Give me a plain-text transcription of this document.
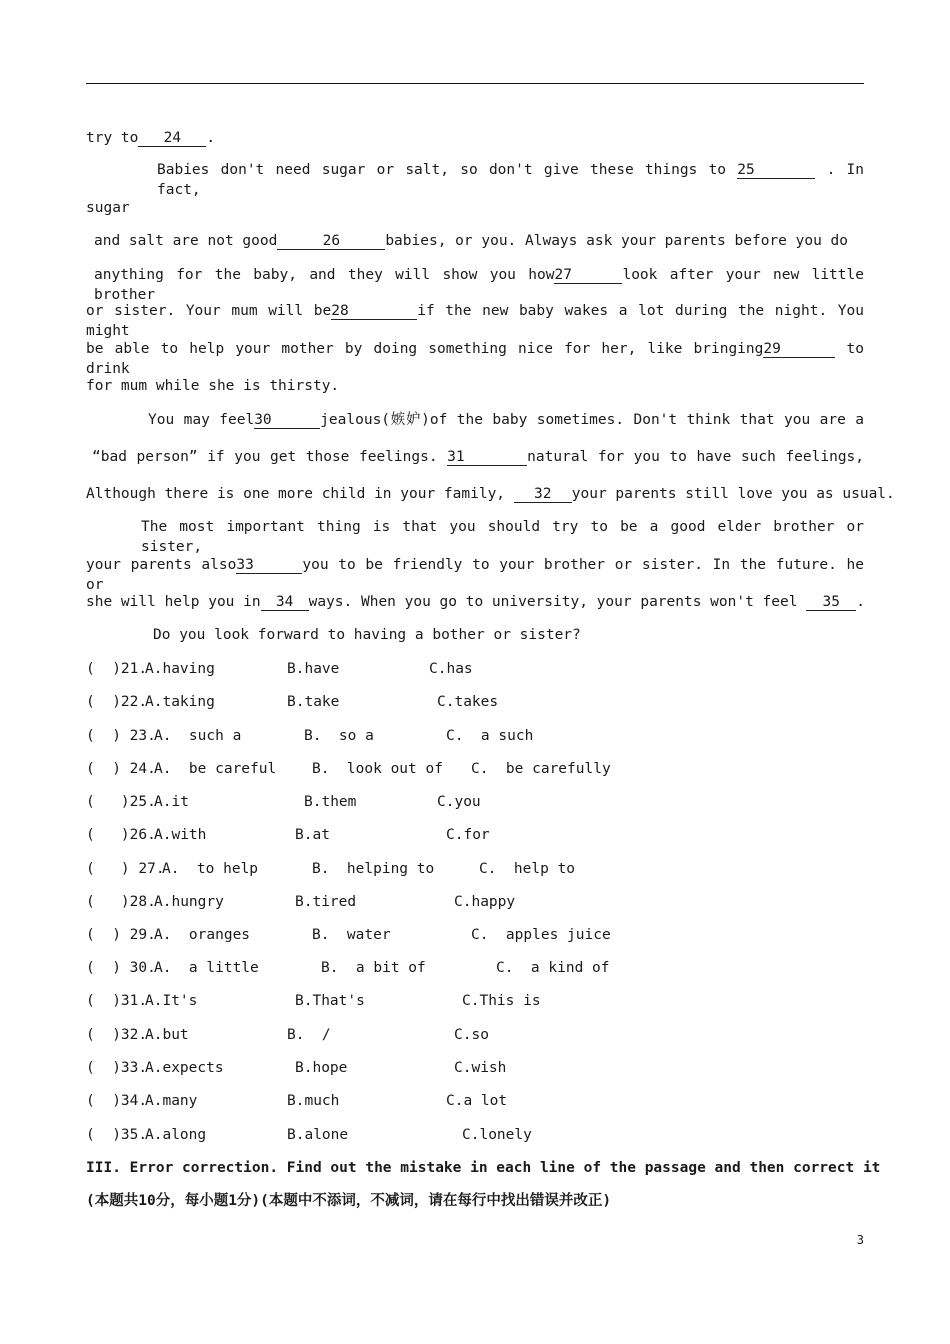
try to 24 .
Babies don't need sugar or salt, so don't give these things to 25	. In fact,
sugar
and salt are not good	26	babies, or you. Always ask your parents before you do
anything for the baby, and they will show you how27	look after your new little brother
or sister. Your mum will be28	if the new baby wakes a lot during the night. You might
be able to help your mother by doing something nice for her, like bringing29	to drink
for mum while she is thirsty.
You may feel30	jealous(嫉妒)of the baby sometimes. Don't think that you are a
“bad person” if you get those feelings. 31	natural for you to have such feelings,
Although there is one more child in your family, 32 your parents still love you as usual.
The most important thing is that you should try to be a good elder brother or sister,
your parents also33	you to be friendly to your brother or sister. In the future. he or
she will help you in 34 ways. When you go to university, your parents won't feel 35 .
Do you look forward to having a bother or sister?
(  )21.
A.having	B.have	C.has
(  )22.
A.taking	B.take	C.takes
(  ) 23.
A.  such a	B.  so a	C.  a such
(  ) 24.
A.  be careful B.  look out of C.  be carefully
(   )25.
A.it	B.them	C.you
(   )26.
A.with	B.at	C.for
(   ) 27.
A.  to help	B.  helping to	C.  help to
(   )28.
A.hungry	B.tired	C.happy
(  ) 29.
A.  oranges	B.  water	C.  apples juice
(  ) 30.
A.  a little	B.  a bit of	C.  a kind of
(  )31.
A.It's	B.That's	C.This is
(  )32.
A.but	B.  /	C.so
(  )33.
A.expects	B.hope	C.wish
(  )34.
A.many	B.much	C.a lot
(  )35.
A.along	B.alone	C.lonely
III. Error correction. Find out the mistake in each line of the passage and then correct it
(本题共10分，每小题1分)(本题中不添词，不减词，请在每行中找出错误并改正)
3
